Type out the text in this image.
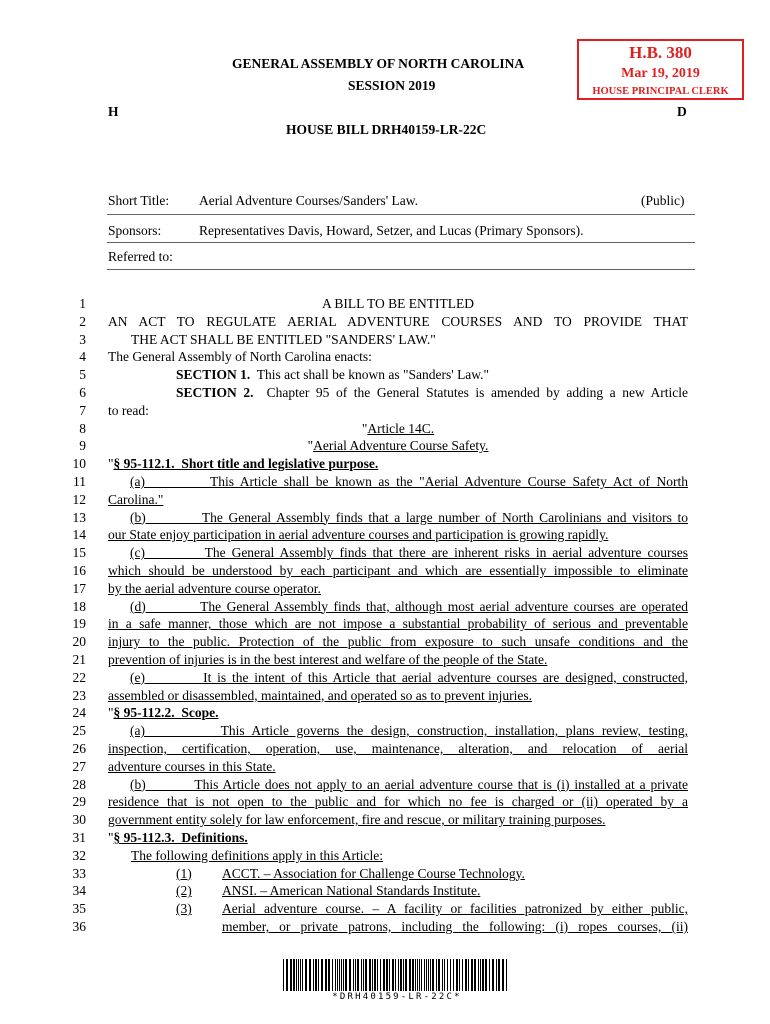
H.B. 380
Mar 19, 2019
HOUSE PRINCIPAL CLERK
GENERAL ASSEMBLY OF NORTH CAROLINA
SESSION 2019
H	D
HOUSE BILL DRH40159-LR-22C
Short Title: Aerial Adventure Courses/Sanders' Law.	(Public)
Sponsors:	Representatives Davis, Howard, Setzer, and Lucas (Primary Sponsors).
Referred to:
1	A BILL TO BE ENTITLED
2 AN ACT TO REGULATE AERIAL ADVENTURE COURSES AND TO PROVIDE THAT
3	THE ACT SHALL BE ENTITLED "SANDERS' LAW."
4 The General Assembly of North Carolina enacts:
5	SECTION 1.  This act shall be known as "Sanders' Law."
6	SECTION 2.  Chapter 95 of the General Statutes is amended by adding a new Article
7 to read:
8	"Article 14C.
9	"Aerial Adventure Course Safety.
10 "§ 95-112.1.  Short title and legislative purpose.
11	(a)          This Article shall be known as the "Aerial Adventure Course Safety Act of North
12 Carolina."
13	(b)          The General Assembly finds that a large number of North Carolinians and visitors to
14 our State enjoy participation in aerial adventure courses and participation is growing rapidly.
15	(c)          The General Assembly finds that there are inherent risks in aerial adventure courses
16 which should be understood by each participant and which are essentially impossible to eliminate
17 by the aerial adventure course operator.
18	(d)          The General Assembly finds that, although most aerial adventure courses are operated
19 in a safe manner, those which are not impose a substantial probability of serious and preventable
20 injury to the public. Protection of the public from exposure to such unsafe conditions and the
21 prevention of injuries is in the best interest and welfare of the people of the State.
22	(e)          It is the intent of this Article that aerial adventure courses are designed, constructed,
23 assembled or disassembled, maintained, and operated so as to prevent injuries.
24 "§ 95-112.2.  Scope.
25	(a)          This Article governs the design, construction, installation, plans review, testing,
26 inspection, certification, operation, use, maintenance, alteration, and relocation of aerial
27 adventure courses in this State.
28	(b)          This Article does not apply to an aerial adventure course that is (i) installed at a private
29 residence that is not open to the public and for which no fee is charged or (ii) operated by a
30 government entity solely for law enforcement, fire and rescue, or military training purposes.
31 "§ 95-112.3.  Definitions.
32	The following definitions apply in this Article:
33	(1) ACCT. – Association for Challenge Course Technology.
34	(2) ANSI. – American National Standards Institute.
35	(3) Aerial adventure course. – A facility or facilities patronized by either public,
36	member, or private patrons, including the following: (i) ropes courses, (ii)
*DRH40159-LR-22C*
